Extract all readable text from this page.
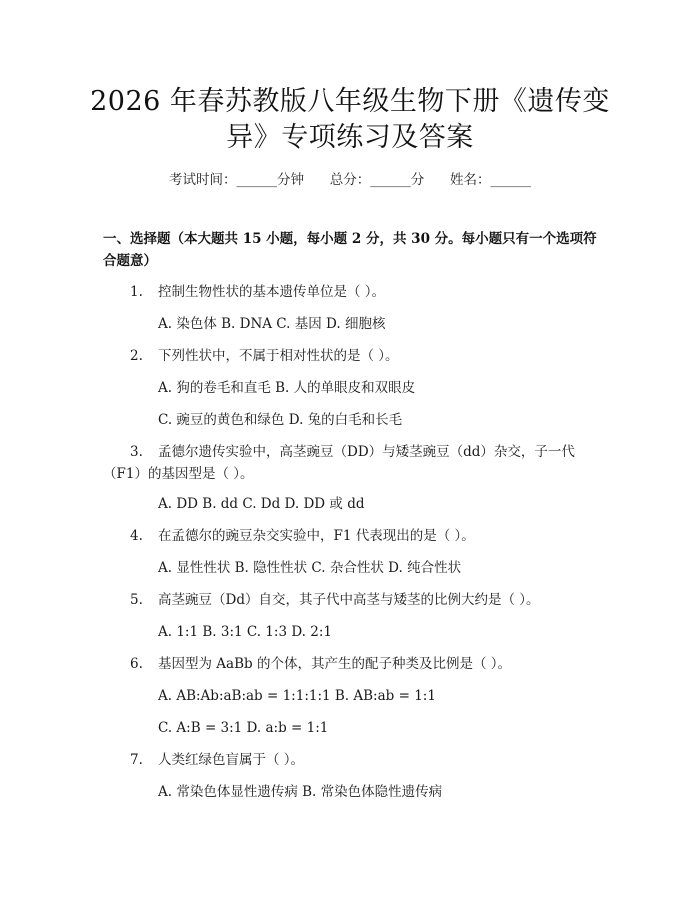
2026 年春苏教版八年级生物下册《遗传变
异》专项练习及答案
考试时间：______分钟      总分：______分      姓名：______
一、选择题（本大题共 15 小题，每小题 2 分，共 30 分。每小题只有一个选项符合题意）
1. 控制生物性状的基本遗传单位是（ ）。
A. 染色体 B. DNA C. 基因 D. 细胞核
2. 下列性状中，不属于相对性状的是（ ）。
A. 狗的卷毛和直毛 B. 人的单眼皮和双眼皮
C. 豌豆的黄色和绿色 D. 兔的白毛和长毛
3. 孟德尔遗传实验中，高茎豌豆（DD）与矮茎豌豆（dd）杂交，子一代（F1）的基因型是（ ）。
A. DD B. dd C. Dd D. DD 或 dd
4. 在孟德尔的豌豆杂交实验中，F1 代表现出的是（ ）。
A. 显性性状 B. 隐性性状 C. 杂合性状 D. 纯合性状
5. 高茎豌豆（Dd）自交，其子代中高茎与矮茎的比例大约是（ ）。
A. 1:1 B. 3:1 C. 1:3 D. 2:1
6. 基因型为 AaBb 的个体，其产生的配子种类及比例是（ ）。
A. AB:Ab:aB:ab = 1:1:1:1 B. AB:ab = 1:1
C. A:B = 3:1 D. a:b = 1:1
7. 人类红绿色盲属于（ ）。
A. 常染色体显性遗传病 B. 常染色体隐性遗传病
